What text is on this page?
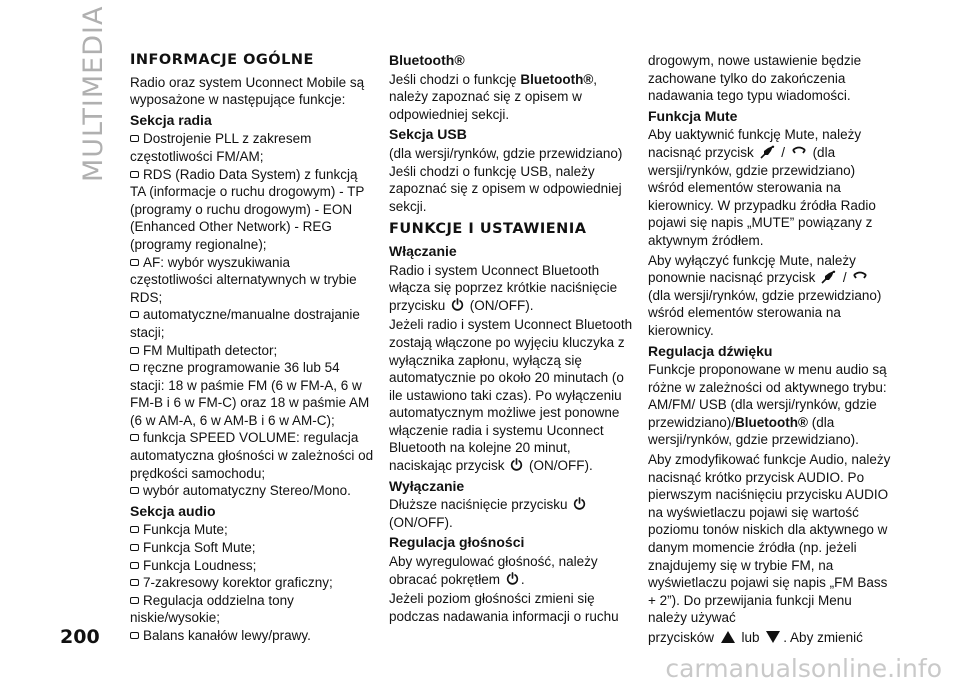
MULTIMEDIA INFORMACJE OGÓLNE

Radio oraz system Uconnect Mobile są wyposażone w następujące funkcje:

Sekcja radia
Dostrojenie PLL z zakresem częstotliwości FM/AM;
RDS (Radio Data System) z funkcją TA (informacje o ruchu drogowym) - TP (programy o ruchu drogowym) - EON (Enhanced Other Network) - REG (programy regionalne);
AF: wybór wyszukiwania częstotliwości alternatywnych w trybie RDS;
automatyczne/manualne dostrajanie stacji;
FM Multipath detector;
ręczne programowanie 36 lub 54 stacji: 18 w paśmie FM (6 w FM-A, 6 w FM-B i 6 w FM-C) oraz 18 w paśmie AM (6 w AM-A, 6 w AM-B i 6 w AM-C);
funkcja SPEED VOLUME: regulacja automatyczna głośności w zależności od prędkości samochodu;
wybór automatyczny Stereo/Mono.
Sekcja audio
Funkcja Mute;
Funkcja Soft Mute;
Funkcja Loudness;
7-zakresowy korektor graficzny;
Regulacja oddzielna tony niskie/wysokie;
Balans kanałów lewy/prawy.
Bluetooth®

Jeśli chodzi o funkcję Bluetooth®, należy zapoznać się z opisem w odpowiedniej sekcji.

Sekcja USB

(dla wersji/rynków, gdzie przewidziano) Jeśli chodzi o funkcję USB, należy zapoznać się z opisem w odpowiedniej sekcji.

FUNKCJE I USTAWIENIA
Włączanie

Radio i system Uconnect Bluetooth włącza się poprzez krótkie naciśnięcie przycisku  (ON/OFF).

Jeżeli radio i system Uconnect Bluetooth zostają włączone po wyjęciu kluczyka z wyłącznika zapłonu, wyłączą się automatycznie po około 20 minutach (o ile ustawiono taki czas). Po wyłączeniu automatycznym możliwe jest ponowne włączenie radia i systemu Uconnect Bluetooth na kolejne 20 minut, naciskając przycisk  (ON/OFF).

Wyłączanie

Dłuższe naciśnięcie przycisku  (ON/OFF).

Regulacja głośności

Aby wyregulować głośność, należy obracać pokrętłem .

Jeżeli poziom głośności zmieni się podczas nadawania informacji o ruchu

drogowym, nowe ustawienie będzie zachowane tylko do zakończenia nadawania tego typu wiadomości.

Funkcja Mute

Aby uaktywnić funkcję Mute, należy nacisnąć przycisk  /  (dla wersji/rynków, gdzie przewidziano) wśród elementów sterowania na kierownicy. W przypadku źródła Radio pojawi się napis „MUTE” powiązany z aktywnym źródłem.

Aby wyłączyć funkcję Mute, należy ponownie nacisnąć przycisk  /  (dla wersji/rynków, gdzie przewidziano) wśród elementów sterowania na kierownicy.

Regulacja dźwięku

Funkcje proponowane w menu audio są różne w zależności od aktywnego trybu: AM/FM/ USB (dla wersji/rynków, gdzie przewidziano)/Bluetooth® (dla wersji/rynków, gdzie przewidziano).

Aby zmodyfikować funkcje Audio, należy nacisnąć krótko przycisk AUDIO. Po pierwszym naciśnięciu przycisku AUDIO na wyświetlaczu pojawi się wartość poziomu tonów niskich dla aktywnego w danym momencie źródła (np. jeżeli znajdujemy się w trybie FM, na wyświetlaczu pojawi się napis „FM Bass + 2”). Do przewijania funkcji Menu należy używać

przycisków  lub . Aby zmienić

200
carmanualsonline.info
